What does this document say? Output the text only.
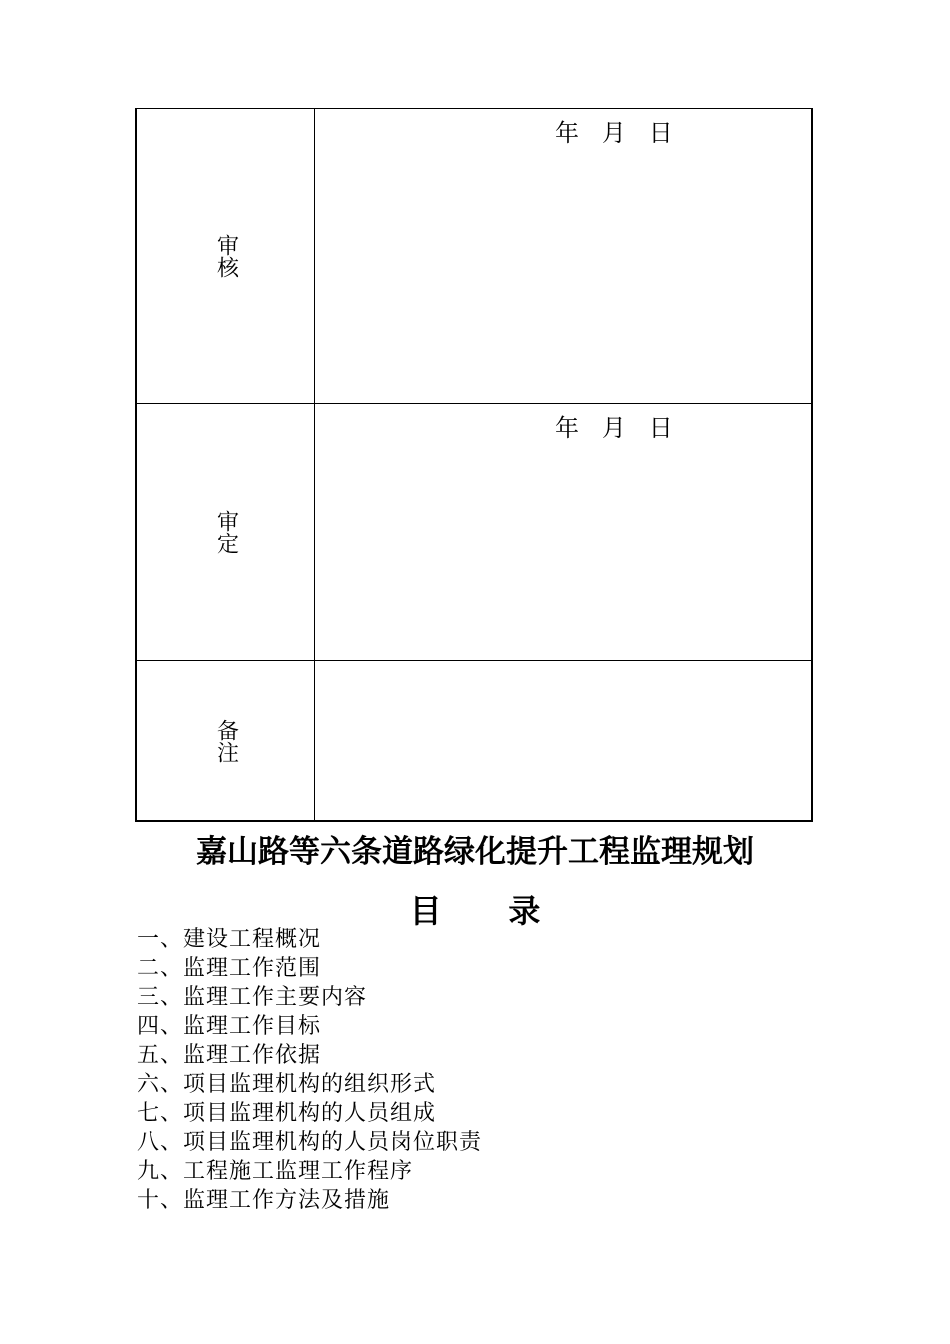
审核
年   月   日
审定
年   月   日
备注
嘉山路等六条道路绿化提升工程监理规划
目      录
一、建设工程概况
二、监理工作范围
三、监理工作主要内容
四、监理工作目标
五、监理工作依据
六、项目监理机构的组织形式
七、项目监理机构的人员组成
八、项目监理机构的人员岗位职责
九、工程施工监理工作程序
十、监理工作方法及措施
